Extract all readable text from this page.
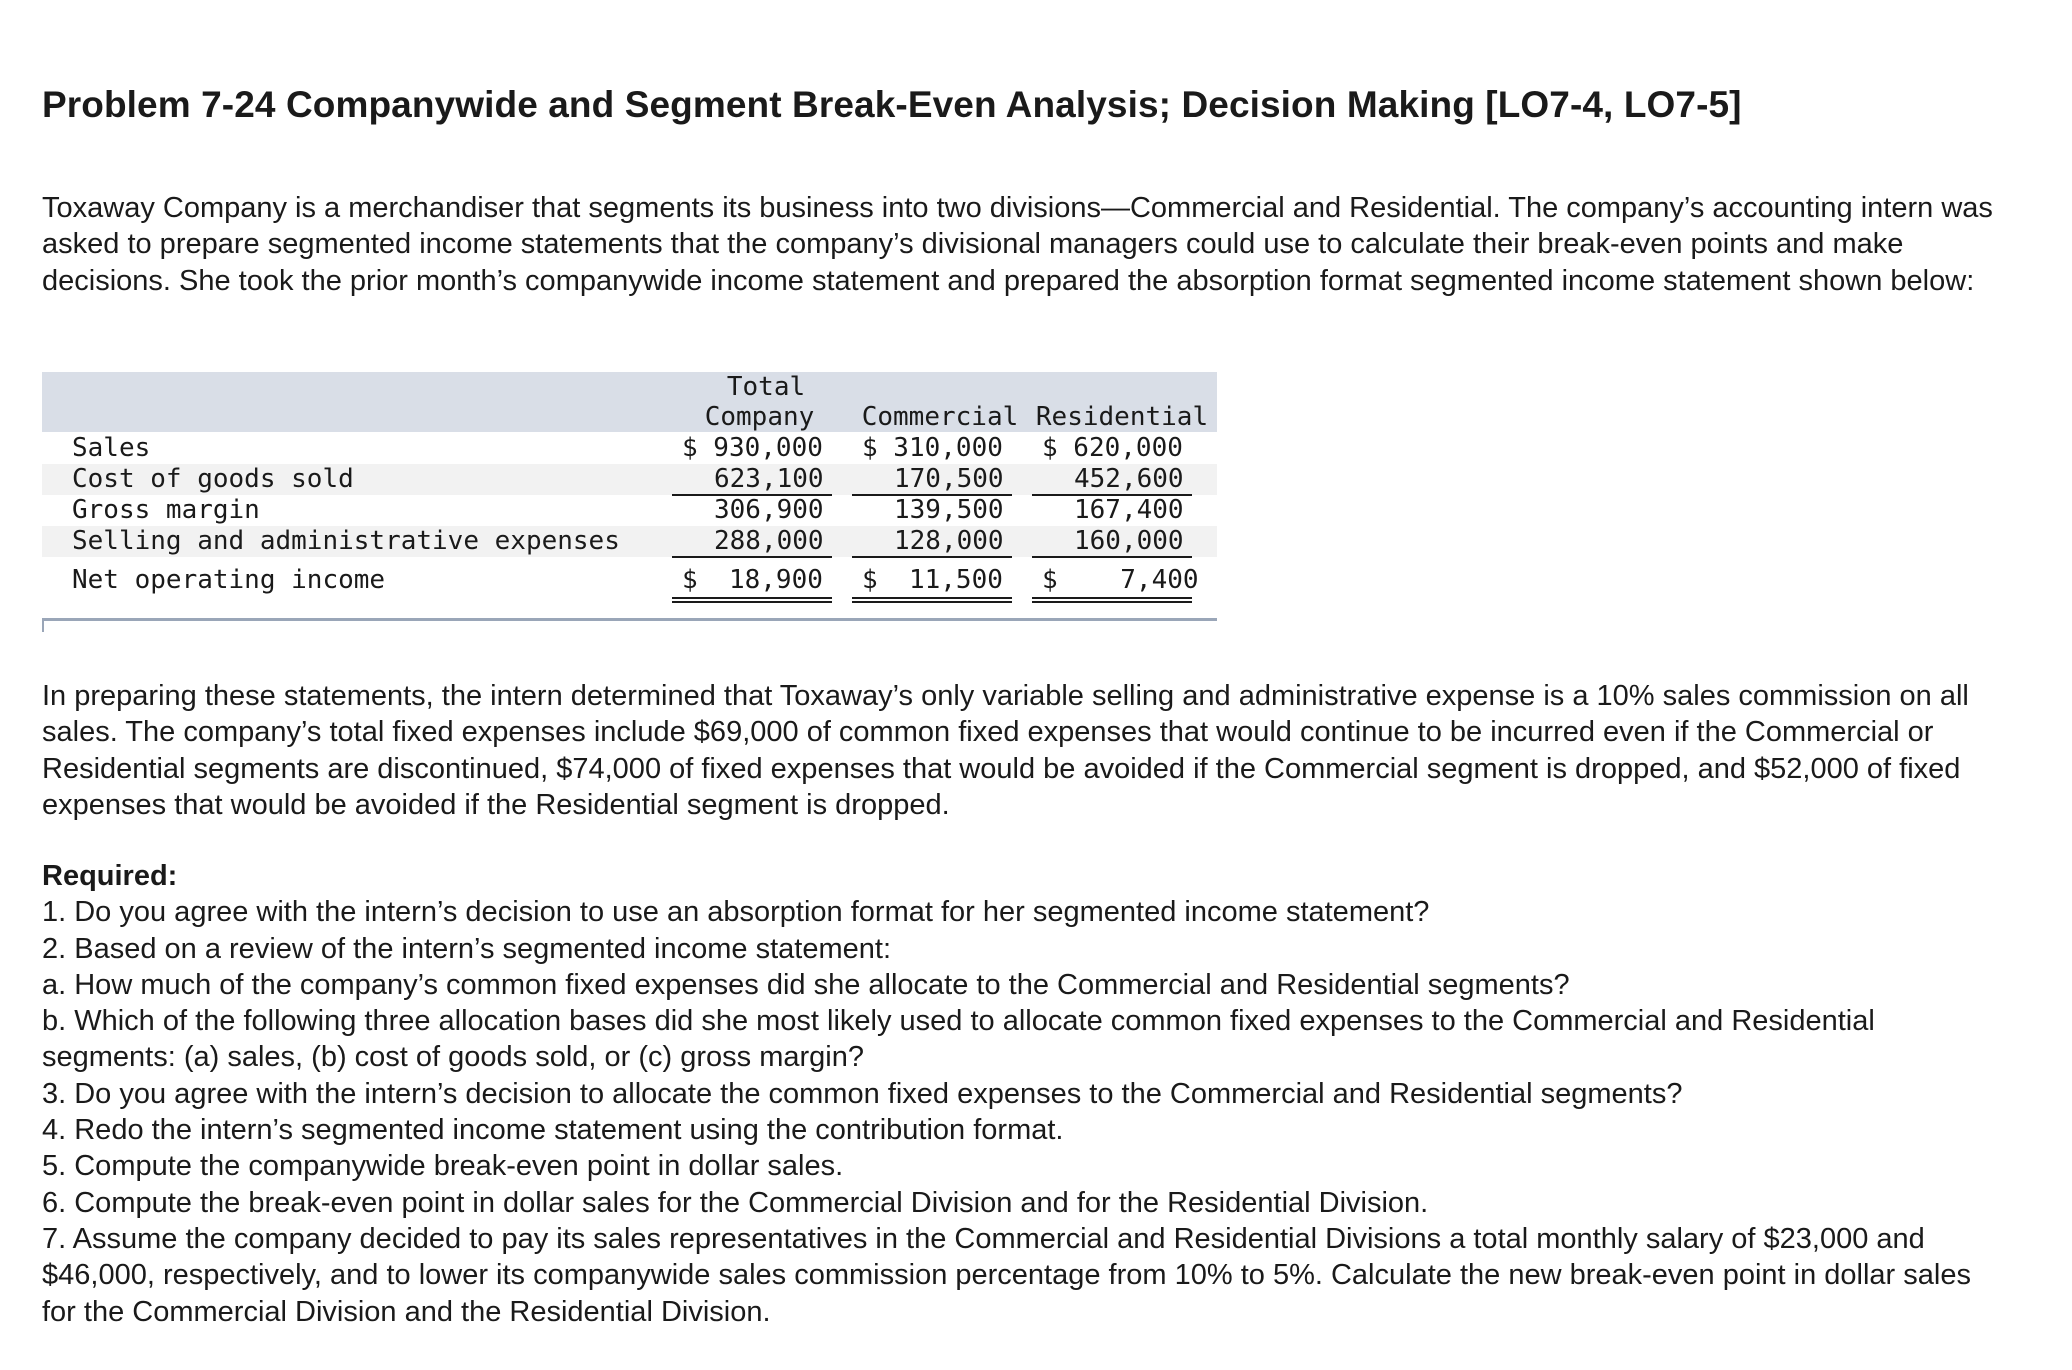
Problem 7-24 Companywide and Segment Break-Even Analysis; Decision Making [LO7-4, LO7-5]
Toxaway Company is a merchandiser that segments its business into two divisions—Commercial and Residential. The company’s accounting intern was asked to prepare segmented income statements that the company’s divisional managers could use to calculate their break-even points and make decisions. She took the prior month’s companywide income statement and prepared the absorption format segmented income statement shown below:
Total
Company Commercial Residential
Sales	$ 930,000 $ 310,000 $ 620,000
Cost of goods sold	623,100	170,500	452,600
Gross margin	306,900	139,500	167,400
Selling and administrative expenses	288,000	128,000	160,000
Net operating income	$  18,900 $  11,500 $    7,400
In preparing these statements, the intern determined that Toxaway’s only variable selling and administrative expense is a 10% sales commission on all sales. The company’s total fixed expenses include $69,000 of common fixed expenses that would continue to be incurred even if the Commercial or Residential segments are discontinued, $74,000 of fixed expenses that would be avoided if the Commercial segment is dropped, and $52,000 of fixed expenses that would be avoided if the Residential segment is dropped.
Required:
1. Do you agree with the intern’s decision to use an absorption format for her segmented income statement?
2. Based on a review of the intern’s segmented income statement:
a. How much of the company’s common fixed expenses did she allocate to the Commercial and Residential segments?
b. Which of the following three allocation bases did she most likely used to allocate common fixed expenses to the Commercial and Residential segments: (a) sales, (b) cost of goods sold, or (c) gross margin?
3. Do you agree with the intern’s decision to allocate the common fixed expenses to the Commercial and Residential segments?
4. Redo the intern’s segmented income statement using the contribution format.
5. Compute the companywide break-even point in dollar sales.
6. Compute the break-even point in dollar sales for the Commercial Division and for the Residential Division.
7. Assume the company decided to pay its sales representatives in the Commercial and Residential Divisions a total monthly salary of $23,000 and $46,000, respectively, and to lower its companywide sales commission percentage from 10% to 5%. Calculate the new break-even point in dollar sales for the Commercial Division and the Residential Division.
